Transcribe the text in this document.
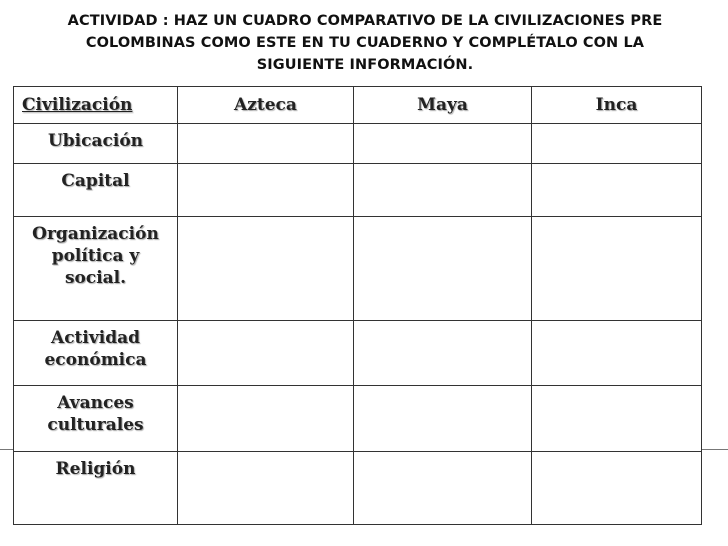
ACTIVIDAD : HAZ UN CUADRO COMPARATIVO DE LA CIVILIZACIONES PRE
COLOMBINAS COMO ESTE EN TU CUADERNO Y COMPLÉTALO CON LA
SIGUIENTE INFORMACIÓN.
Civilización	Azteca	Maya	Inca

Ubicación			

Capital			

Organización
política y
social.			

Actividad
económica			

Avances
culturales			

Religión			
